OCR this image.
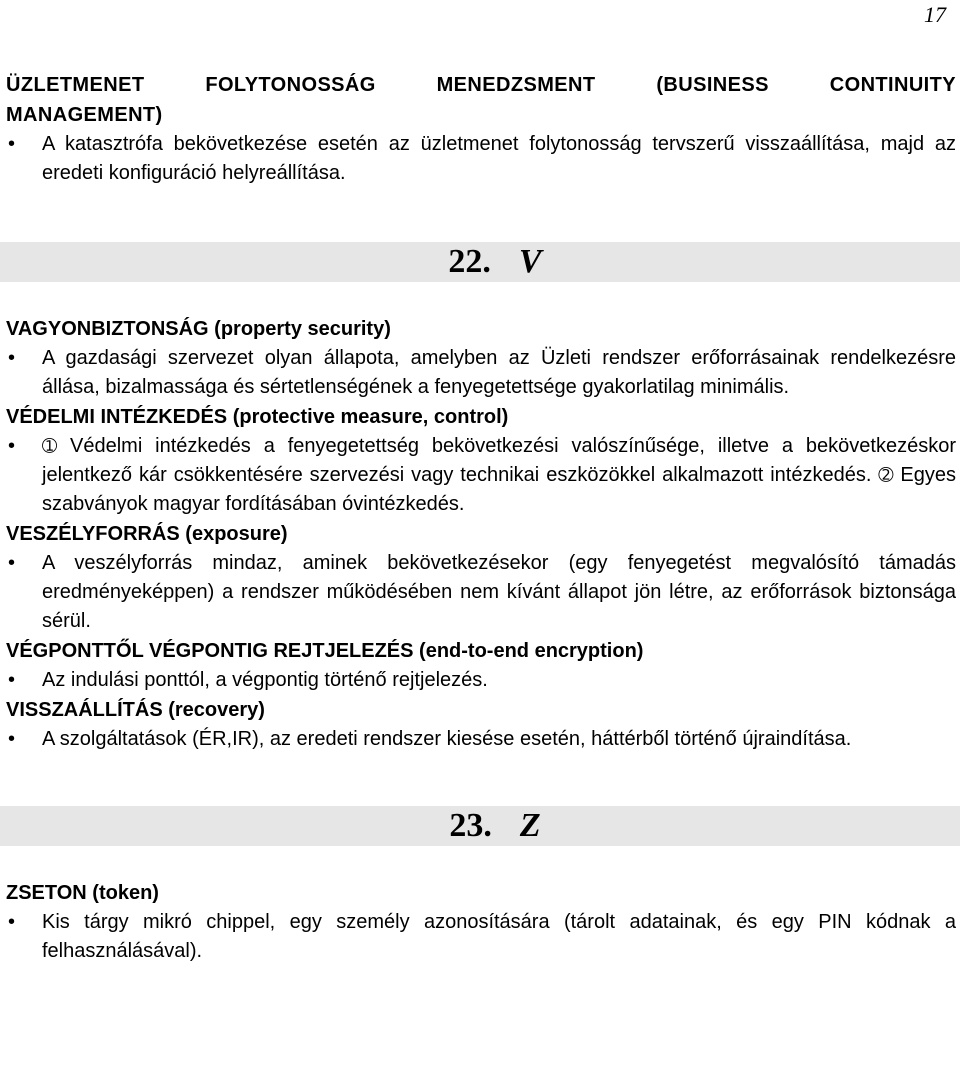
17

ÜZLETMENET FOLYTONOSSÁG MENEDZSMENT (BUSINESS CONTINUITY MANAGEMENT)

•	A katasztrófa bekövetkezése esetén az üzletmenet folytonosság tervszerű visszaállítása, majd az eredeti konfiguráció helyreállítása.
22. V

VAGYONBIZTONSÁG (property security)

•	A gazdasági szervezet olyan állapota, amelyben az Üzleti rendszer erőforrásainak rendelkezésre állása, bizalmassága és sértetlenségének a fenyegetettsége gyakorlatilag minimális.

VÉDELMI INTÉZKEDÉS (protective measure, control)

•	➀ Védelmi intézkedés a fenyegetettség bekövetkezési valószínűsége, illetve a bekövetkezéskor jelentkező kár csökkentésére szervezési vagy technikai eszközökkel alkalmazott intézkedés. ➁ Egyes szabványok magyar fordításában óvintézkedés.

VESZÉLYFORRÁS (exposure)

•	A veszélyforrás mindaz, aminek bekövetkezésekor (egy fenyegetést megvalósító támadás eredményeképpen) a rendszer működésében nem kívánt állapot jön létre, az erőforrások biztonsága sérül.

VÉGPONTTŐL VÉGPONTIG REJTJELEZÉS (end-to-end encryption)

•	Az indulási ponttól, a végpontig történő rejtjelezés.

VISSZAÁLLÍTÁS (recovery)

•	A szolgáltatások (ÉR,IR), az eredeti rendszer kiesése esetén, háttérből történő újraindítása.
23. Z

ZSETON (token)

•	Kis tárgy mikró chippel, egy személy azonosítására (tárolt adatainak, és egy PIN kódnak a felhasználásával).
